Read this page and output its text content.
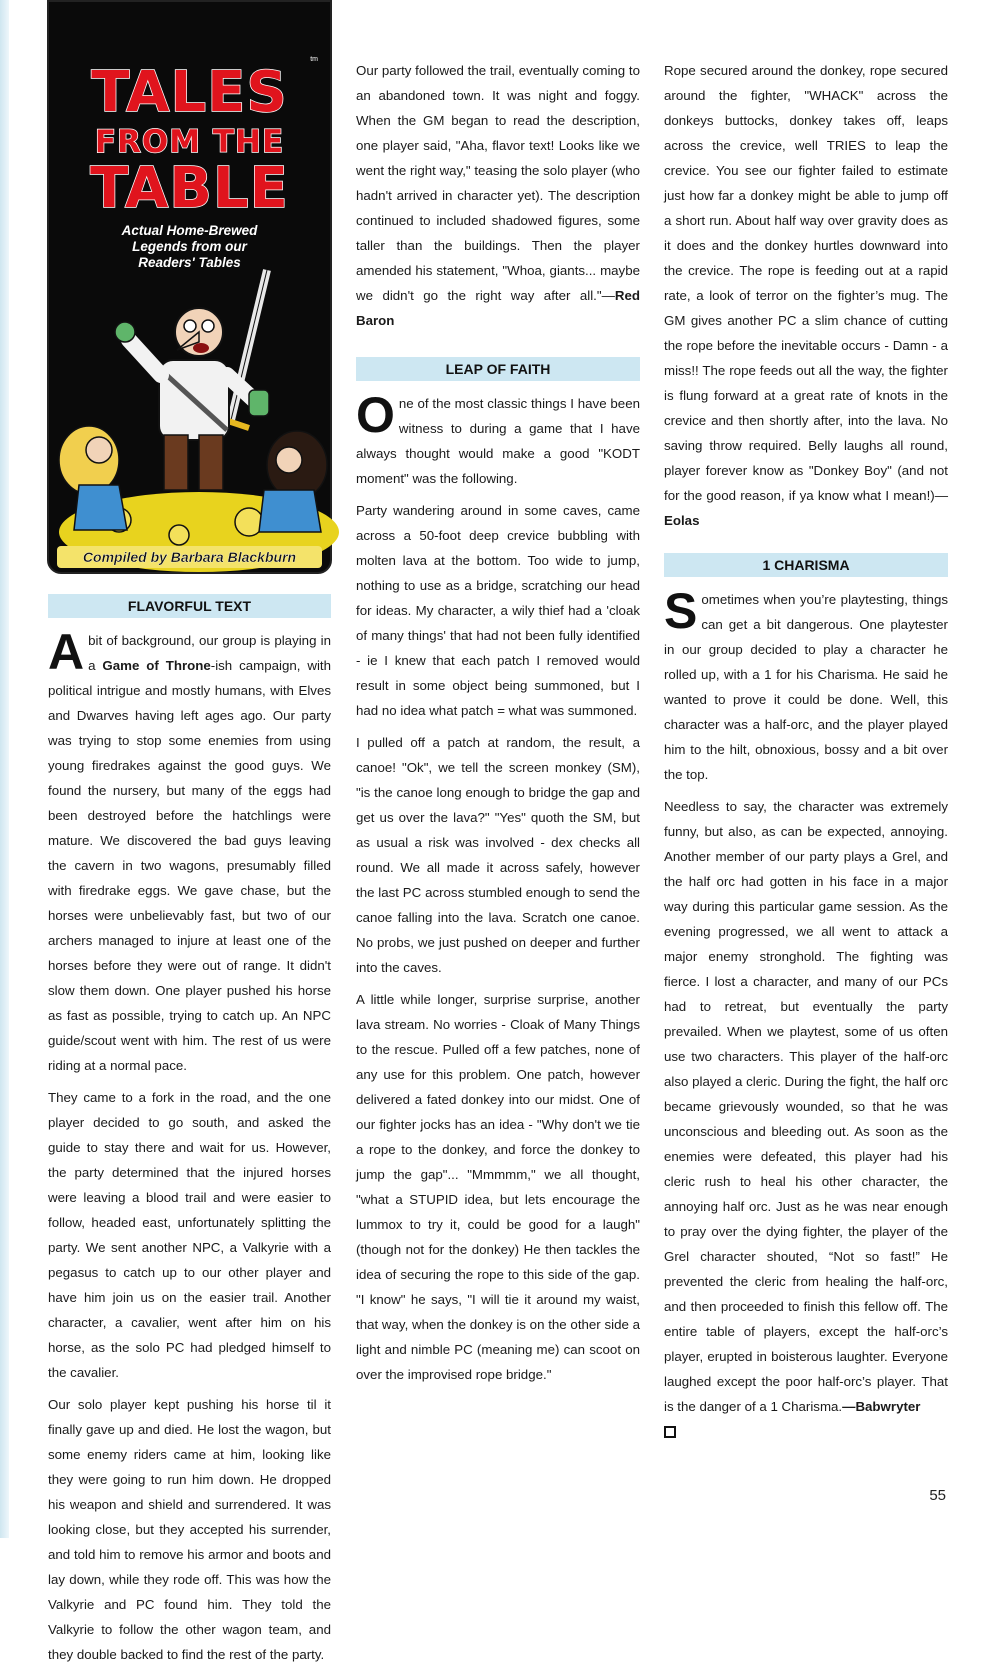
tm
TALES
FROM THE
TABLE
Actual Home-Brewed
Legends from our
Readers' Tables
Compiled by Barbara Blackburn
FLAVORFUL TEXT

A bit of background, our group is playing in a Game of Throne-ish campaign, with political intrigue and mostly humans, with Elves and Dwarves having left ages ago. Our party was trying to stop some enemies from using young firedrakes against the good guys. We found the nursery, but many of the eggs had been destroyed before the hatchlings were mature. We discovered the bad guys leaving the cavern in two wagons, presumably filled with firedrake eggs. We gave chase, but the horses were unbelievably fast, but two of our archers managed to injure at least one of the horses before they were out of range. It didn't slow them down. One player pushed his horse as fast as possible, trying to catch up. An NPC guide/scout went with him. The rest of us were riding at a normal pace.

They came to a fork in the road, and the one player decided to go south, and asked the guide to stay there and wait for us. However, the party determined that the injured horses were leaving a blood trail and were easier to follow, headed east, unfortunately splitting the party. We sent another NPC, a Valkyrie with a pegasus to catch up to our other player and have him join us on the easier trail. Another character, a cavalier, went after him on his horse, as the solo PC had pledged himself to the cavalier.

Our solo player kept pushing his horse til it finally gave up and died. He lost the wagon, but some enemy riders came at him, looking like they were going to run him down. He dropped his weapon and shield and surrendered. It was looking close, but they accepted his surrender, and told him to remove his armor and boots and lay down, while they rode off. This was how the Valkyrie and PC found him. They told the Valkyrie to follow the other wagon team, and they double backed to find the rest of the party.

Our party followed the trail, eventually coming to an abandoned town. It was night and foggy. When the GM began to read the description, one player said, "Aha, flavor text! Looks like we went the right way," teasing the solo player (who hadn't arrived in character yet). The description continued to included shadowed figures, some taller than the buildings. Then the player amended his statement, "Whoa, giants... maybe we didn't go the right way after all."—Red Baron

LEAP OF FAITH

One of the most classic things I have been witness to during a game that I have always thought would make a good "KODT moment" was the following.

Party wandering around in some caves, came across a 50-foot deep crevice bubbling with molten lava at the bottom. Too wide to jump, nothing to use as a bridge, scratching our head for ideas. My character, a wily thief had a 'cloak of many things' that had not been fully identified - ie I knew that each patch I removed would result in some object being summoned, but I had no idea what patch = what was summoned.

I pulled off a patch at random, the result, a canoe! "Ok", we tell the screen monkey (SM), "is the canoe long enough to bridge the gap and get us over the lava?" "Yes" quoth the SM, but as usual a risk was involved - dex checks all round. We all made it across safely, however the last PC across stumbled enough to send the canoe falling into the lava. Scratch one canoe. No probs, we just pushed on deeper and further into the caves.

A little while longer, surprise surprise, another lava stream. No worries - Cloak of Many Things to the rescue. Pulled off a few patches, none of any use for this problem. One patch, however delivered a fated donkey into our midst. One of our fighter jocks has an idea - "Why don't we tie a rope to the donkey, and force the donkey to jump the gap"... "Mmmmm," we all thought, "what a STUPID idea, but lets encourage the lummox to try it, could be good for a laugh" (though not for the donkey) He then tackles the idea of securing the rope to this side of the gap. "I know" he says, "I will tie it around my waist, that way, when the donkey is on the other side a light and nimble PC (meaning me) can scoot on over the improvised rope bridge."

Rope secured around the donkey, rope secured around the fighter, "WHACK" across the donkeys buttocks, donkey takes off, leaps across the crevice, well TRIES to leap the crevice. You see our fighter failed to estimate just how far a donkey might be able to jump off a short run. About half way over gravity does as it does and the donkey hurtles downward into the crevice. The rope is feeding out at a rapid rate, a look of terror on the fighter’s mug. The GM gives another PC a slim chance of cutting the rope before the inevitable occurs - Damn - a miss!! The rope feeds out all the way, the fighter is flung forward at a great rate of knots in the crevice and then shortly after, into the lava. No saving throw required. Belly laughs all round, player forever know as "Donkey Boy" (and not for the good reason, if ya know what I mean!)—Eolas

1 CHARISMA

Sometimes when you’re playtesting, things can get a bit dangerous. One playtester in our group decided to play a character he rolled up, with a 1 for his Charisma. He said he wanted to prove it could be done. Well, this character was a half-orc, and the player played him to the hilt, obnoxious, bossy and a bit over the top.

Needless to say, the character was extremely funny, but also, as can be expected, annoying. Another member of our party plays a Grel, and the half orc had gotten in his face in a major way during this particular game session. As the evening progressed, we all went to attack a major enemy stronghold. The fighting was fierce. I lost a character, and many of our PCs had to retreat, but eventually the party prevailed. When we playtest, some of us often use two characters. This player of the half-orc also played a cleric. During the fight, the half orc became grievously wounded, so that he was unconscious and bleeding out. As soon as the enemies were defeated, this player had his cleric rush to heal his other character, the annoying half orc. Just as he was near enough to pray over the dying fighter, the player of the Grel character shouted, “Not so fast!” He prevented the cleric from healing the half-orc, and then proceeded to finish this fellow off. The entire table of players, except the half-orc’s player, erupted in boisterous laughter. Everyone laughed except the poor half-orc’s player. That is the danger of a 1 Charisma.—Babwryter

55
